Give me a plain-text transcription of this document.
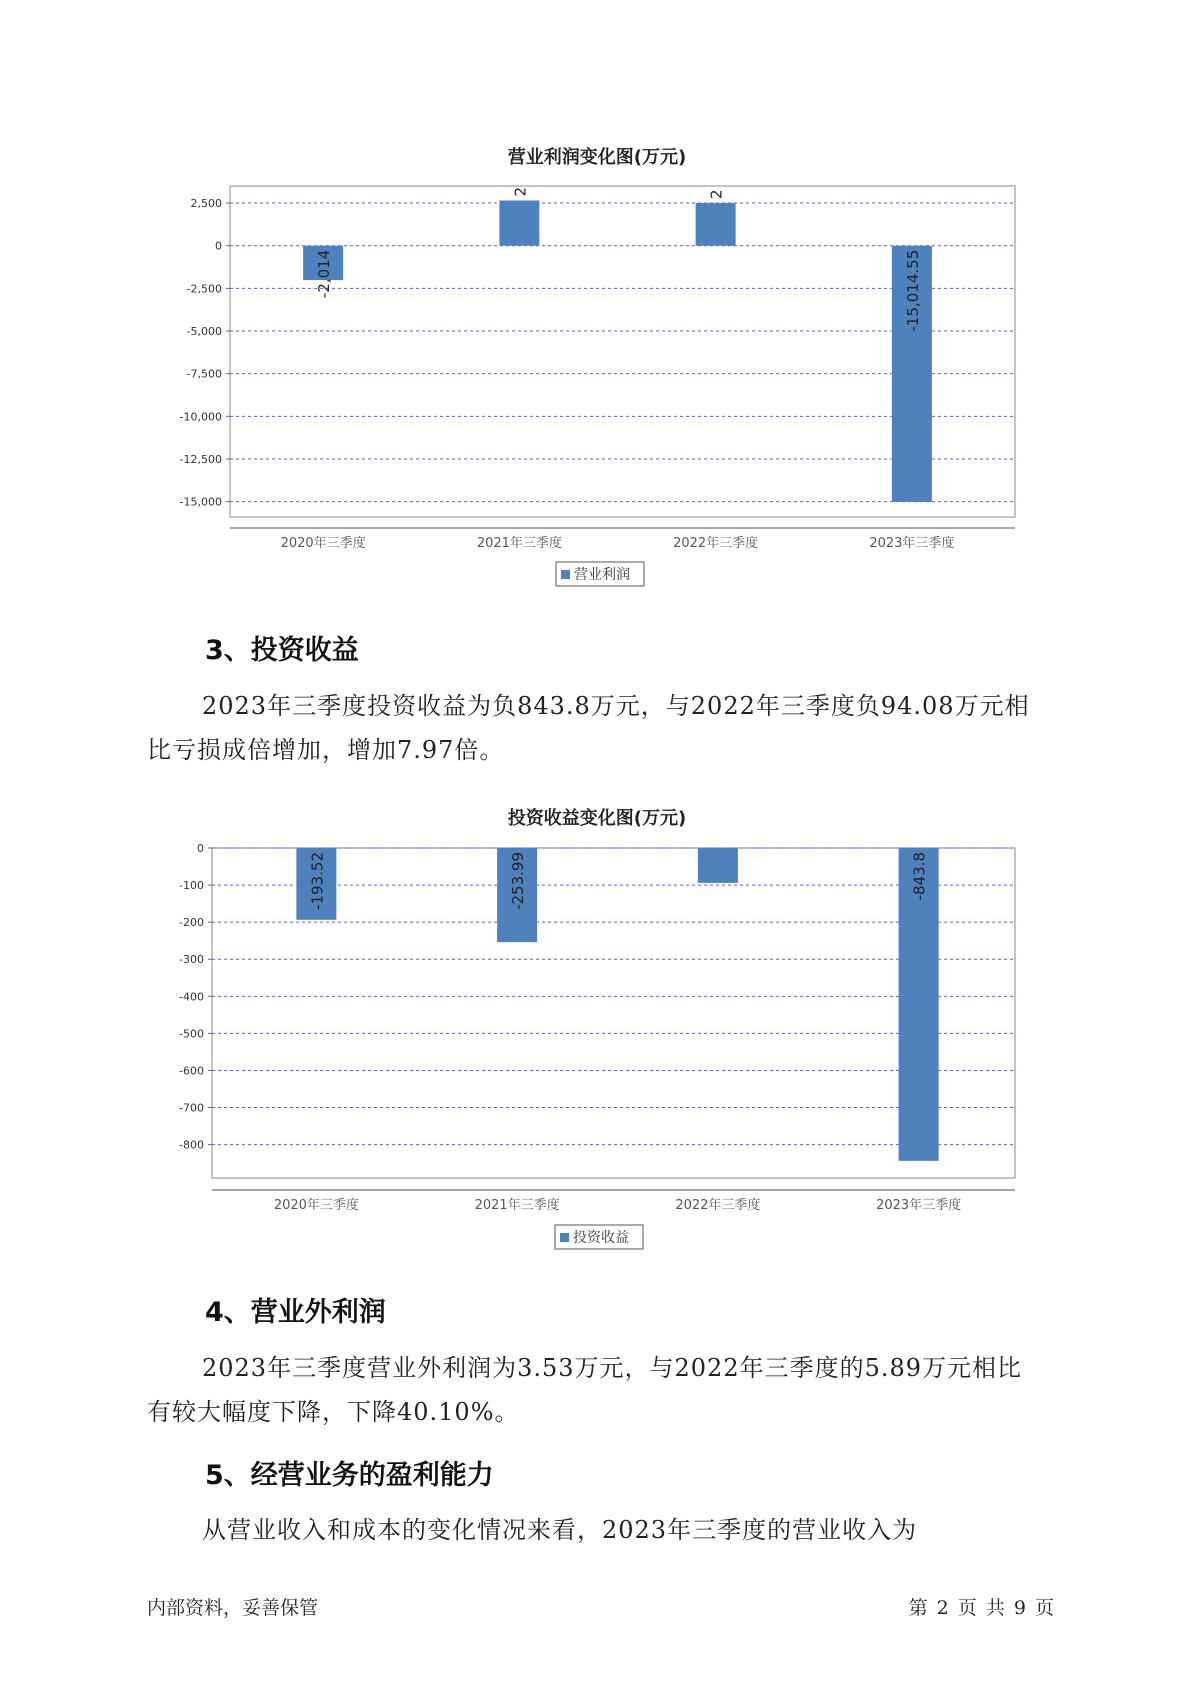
营业利润变化图(万元)
2,500
0
-2,500
-5,000
-7,500
-10,000
-12,500
-15,000
2020年三季度
-2,014
2021年三季度
2
2022年三季度
2
2023年三季度
-15,014.55
营业利润
3、投资收益

2023年三季度投资收益为负843.8万元，与2022年三季度负94.08万元相比亏损成倍增加，增加7.97倍。

投资收益变化图(万元)
0
-100
-200
-300
-400
-500
-600
-700
-800
2020年三季度
-193.52
2021年三季度
-253.99
2022年三季度	2023年三季度
-843.8
投资收益
4、营业外利润

2023年三季度营业外利润为3.53万元，与2022年三季度的5.89万元相比有较大幅度下降，下降40.10%。

5、经营业务的盈利能力

从营业收入和成本的变化情况来看，2023年三季度的营业收入为

内部资料，妥善保管	第 2 页 共 9 页
